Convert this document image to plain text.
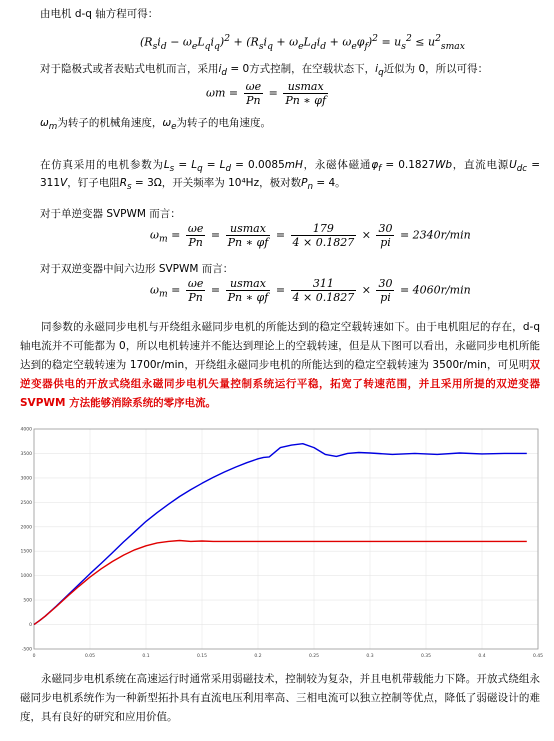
由电机 d-q 轴方程可得：
$(R_si_d - \omega_eL_qi_q)^2 + (R_si_q + \omega_eL_di_d + \omega_e\varphi_f)^2 = u_s^2 \le u^2_{smax}$
对于隐极式或者表贴式电机而言，采用$i_d = 0$方式控制，在空载状态下，$i_q$近似为 0，所以可得：
$\omega m = \frac{\omega e}{Pn} = \frac{usmax}{Pn ∗ \varphi f}$
$\omega_m$为转子的机械角速度，$\omega_e$为转子的电角速度。
在仿真采用的电机参数为$L_s = L_q = L_d = 0.0085mH$，永磁体磁通$\varphi_f = 0.1827Wb$，直流电源$U_{dc} = 311V$，钉子电阻$R_s = 3\Omega$，开关频率为 10⁴Hz，极对数$P_n = 4$。
对于单逆变器 SVPWM 而言：
$\omega_m = \frac{\omega e}{Pn} = \frac{usmax}{Pn ∗ \varphi f} = \frac{179}{4 \times 0.1827} \times \frac{30}{pi} = 2340r/\min$
对于双逆变器中间六边形 SVPWM 而言：
$\omega_m = \frac{\omega e}{Pn} = \frac{usmax}{Pn ∗ \varphi f} = \frac{311}{4 \times 0.1827} \times \frac{30}{pi} = 4060r/\min$
同参数的永磁同步电机与开绕组永磁同步电机的所能达到的稳定空载转速如下。由于电机阻尼的存在，d-q 轴电流并不可能都为 0，所以电机转速并不能达到理论上的空载转速，但是从下图可以看出，永磁同步电机所能达到的稳定空载转速为 1700r/min，开绕组永磁同步电机的所能达到的稳定空载转速为 3500r/min，可见明双逆变器供电的开放式绕组永磁同步电机矢量控制系统运行平稳，拓宽了转速范围，并且采用所提的双逆变器 SVPWM 方法能够消除系统的零序电流。
0	0.05	0.1	0.15	0.2	0.25	0.3	0.35	0.4	0.45
-500
0
500
1000
1500
2000
2500
3000
3500
4000
永磁同步电机系统在高速运行时通常采用弱磁技术，控制较为复杂，并且电机带载能力下降。开放式绕组永磁同步电机系统作为一种新型拓扑具有直流电压利用率高、三相电流可以独立控制等优点，降低了弱磁设计的难度，具有良好的研究和应用价值。
